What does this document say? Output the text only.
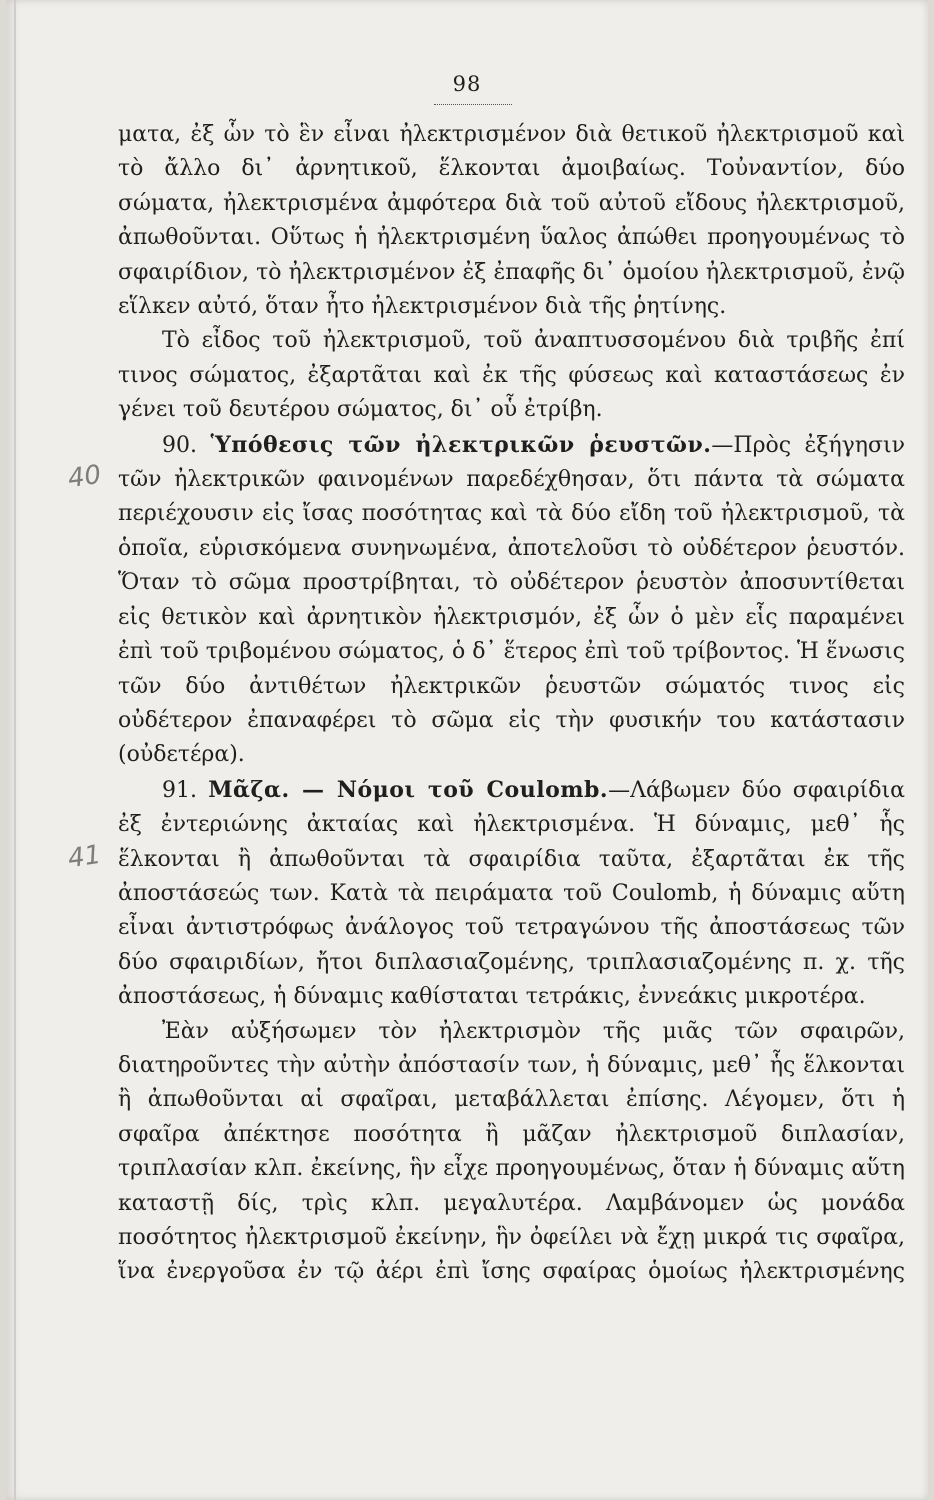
98
40
41

ματα, ἐξ ὧν τὸ ἓν εἶναι ἠλεκτρισμένον διὰ θετικοῦ ἠλεκτρισμοῦ καὶ τὸ ἄλλο δι᾽ ἀρνητικοῦ, ἕλκονται ἀμοιβαίως. Τοὐναντίον, δύο σώματα, ἠλεκτρισμένα ἀμφότερα διὰ τοῦ αὐτοῦ εἴδους ἠλεκτρισμοῦ, ἀπωθοῦνται. Οὕτως ἡ ἠλεκτρισμένη ὕαλος ἀπώθει προηγουμένως τὸ σφαιρίδιον, τὸ ἠλεκτρισμένον ἐξ ἐπαφῆς δι᾽ ὁμοίου ἠλεκτρισμοῦ, ἐνῷ εἵλκεν αὐτό, ὅταν ἦτο ἠλεκτρισμένον διὰ τῆς ῥητίνης.

Τὸ εἶδος τοῦ ἠλεκτρισμοῦ, τοῦ ἀναπτυσσομένου διὰ τριβῆς ἐπί τινος σώματος, ἐξαρτᾶται καὶ ἐκ τῆς φύσεως καὶ καταστάσεως ἐν γένει τοῦ δευτέρου σώματος, δι᾽ οὗ ἐτρίβη.

90. Ὑπόθεσις τῶν ἠλεκτρικῶν ῥευστῶν.—Πρὸς ἐξήγησιν τῶν ἠλεκτρικῶν φαινομένων παρεδέχθησαν, ὅτι πάντα τὰ σώματα περιέχουσιν εἰς ἴσας ποσότητας καὶ τὰ δύο εἴδη τοῦ ἠλεκτρισμοῦ, τὰ ὁποῖα, εὑρισκόμενα συνηνωμένα, ἀποτελοῦσι τὸ οὐδέτερον ῥευστόν. Ὅταν τὸ σῶμα προστρίβηται, τὸ οὐδέτερον ῥευστὸν ἀποσυντίθεται εἰς θετικὸν καὶ ἀρνητικὸν ἠλεκτρισμόν, ἐξ ὧν ὁ μὲν εἷς παραμένει ἐπὶ τοῦ τριβομένου σώματος, ὁ δ᾽ ἕτερος ἐπὶ τοῦ τρίβοντος. Ἡ ἕνωσις τῶν δύο ἀντιθέτων ἠλεκτρικῶν ῥευστῶν σώματός τινος εἰς οὐδέτερον ἐπαναφέρει τὸ σῶμα εἰς τὴν φυσικήν του κατάστασιν (οὐδετέρα).

91. Μᾶζα. — Νόμοι τοῦ Coulomb.—Λάβωμεν δύο σφαιρίδια ἐξ ἐντεριώνης ἀκταίας καὶ ἠλεκτρισμένα. Ἡ δύναμις, μεθ᾽ ἧς ἕλκονται ἢ ἀπωθοῦνται τὰ σφαιρίδια ταῦτα, ἐξαρτᾶται ἐκ τῆς ἀποστάσεώς των. Κατὰ τὰ πειράματα τοῦ Coulomb, ἡ δύναμις αὕτη εἶναι ἀντιστρόφως ἀνάλογος τοῦ τετραγώνου τῆς ἀποστάσεως τῶν δύο σφαιριδίων, ἤτοι διπλασιαζομένης, τριπλασιαζομένης π. χ. τῆς ἀποστάσεως, ἡ δύναμις καθίσταται τετράκις, ἐννεάκις μικροτέρα.

Ἐὰν αὐξήσωμεν τὸν ἠλεκτρισμὸν τῆς μιᾶς τῶν σφαιρῶν, διατηροῦντες τὴν αὐτὴν ἀπόστασίν των, ἡ δύναμις, μεθ᾽ ἧς ἕλκονται ἢ ἀπωθοῦνται αἱ σφαῖραι, μεταβάλλεται ἐπίσης. Λέγομεν, ὅτι ἡ σφαῖρα ἀπέκτησε ποσότητα ἢ μᾶζαν ἠλεκτρισμοῦ διπλασίαν, τριπλασίαν κλπ. ἐκείνης, ἣν εἶχε προηγουμένως, ὅταν ἡ δύναμις αὕτη καταστῇ δίς, τρὶς κλπ. μεγαλυτέρα. Λαμβάνομεν ὡς μονάδα ποσότητος ἠλεκτρισμοῦ ἐκείνην, ἣν ὀφείλει νὰ ἔχῃ μικρά τις σφαῖρα, ἵνα ἐνεργοῦσα ἐν τῷ ἀέρι ἐπὶ ἴσης σφαίρας ὁμοίως ἠλεκτρισμένης
